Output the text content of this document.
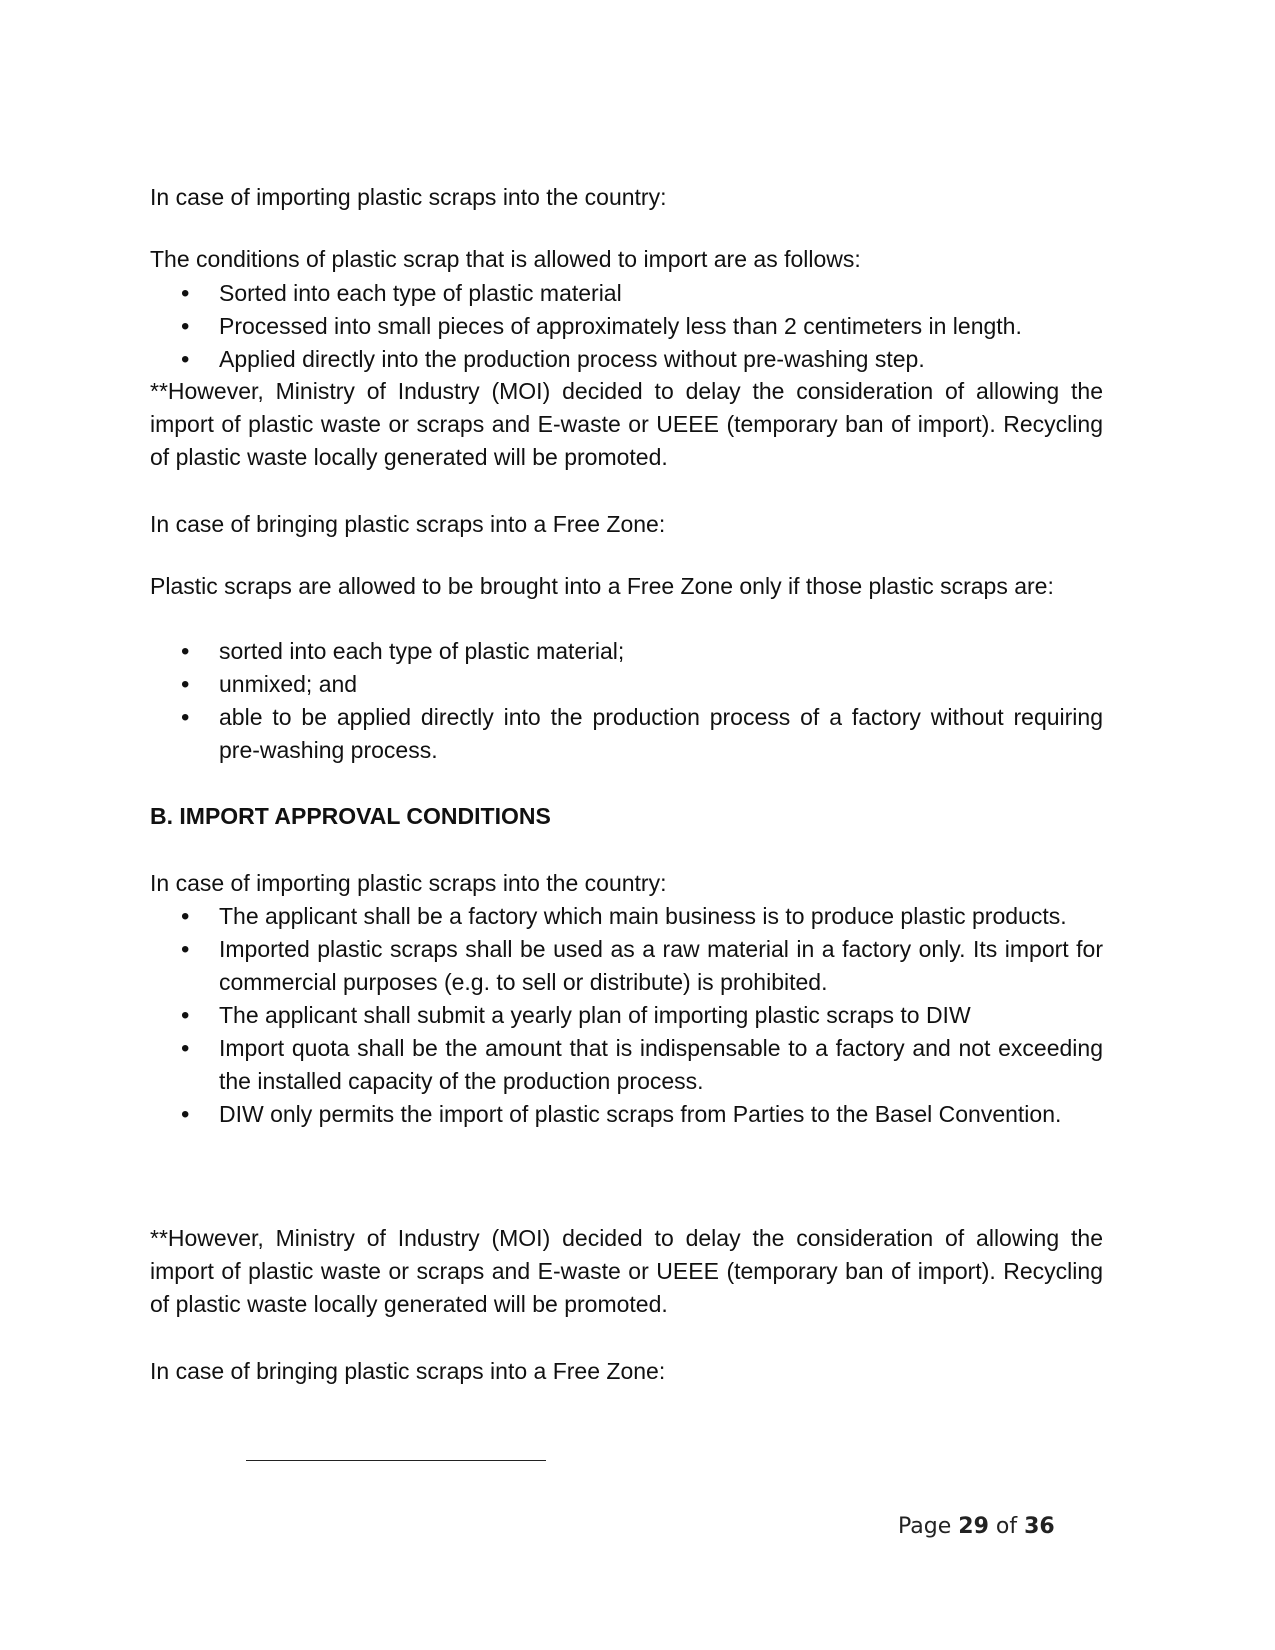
In case of importing plastic scraps into the country:

The conditions of plastic scrap that is allowed to import are as follows:

• Sorted into each type of plastic material
• Processed into small pieces of approximately less than 2 centimeters in length.
• Applied directly into the production process without pre-washing step.

**However, Ministry of Industry (MOI) decided to delay the consideration of allowing the import of plastic waste or scraps and E-waste or UEEE (temporary ban of import). Recycling of plastic waste locally generated will be promoted.

In case of bringing plastic scraps into a Free Zone:

Plastic scraps are allowed to be brought into a Free Zone only if those plastic scraps are:

• sorted into each type of plastic material;
• unmixed; and
• able to be applied directly into the production process of a factory without requiring pre-washing process.

B. IMPORT APPROVAL CONDITIONS

In case of importing plastic scraps into the country:

• The applicant shall be a factory which main business is to produce plastic products.
• Imported plastic scraps shall be used as a raw material in a factory only. Its import for commercial purposes (e.g. to sell or distribute) is prohibited.
• The applicant shall submit a yearly plan of importing plastic scraps to DIW
• Import quota shall be the amount that is indispensable to a factory and not exceeding the installed capacity of the production process.
• DIW only permits the import of plastic scraps from Parties to the Basel Convention.

**However, Ministry of Industry (MOI) decided to delay the consideration of allowing the import of plastic waste or scraps and E-waste or UEEE (temporary ban of import). Recycling of plastic waste locally generated will be promoted.

In case of bringing plastic scraps into a Free Zone:

Page 29 of 36
